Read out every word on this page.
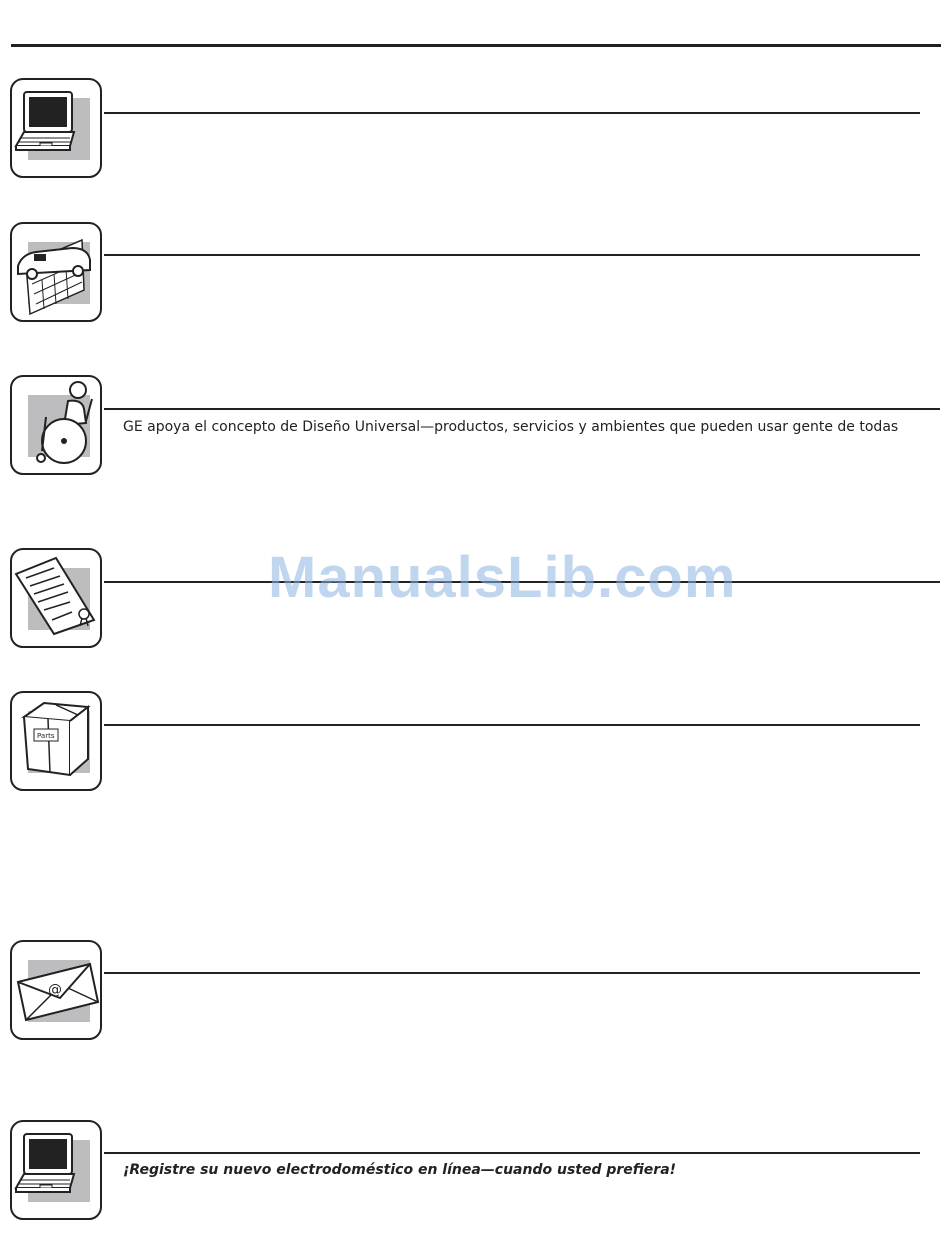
GE apoya el concepto de Diseño Universal—productos, servicios y ambientes que pueden usar gente de todas
Parts
@
¡Registre su nuevo electrodoméstico en línea—cuando usted prefiera!
ManualsLib.com
